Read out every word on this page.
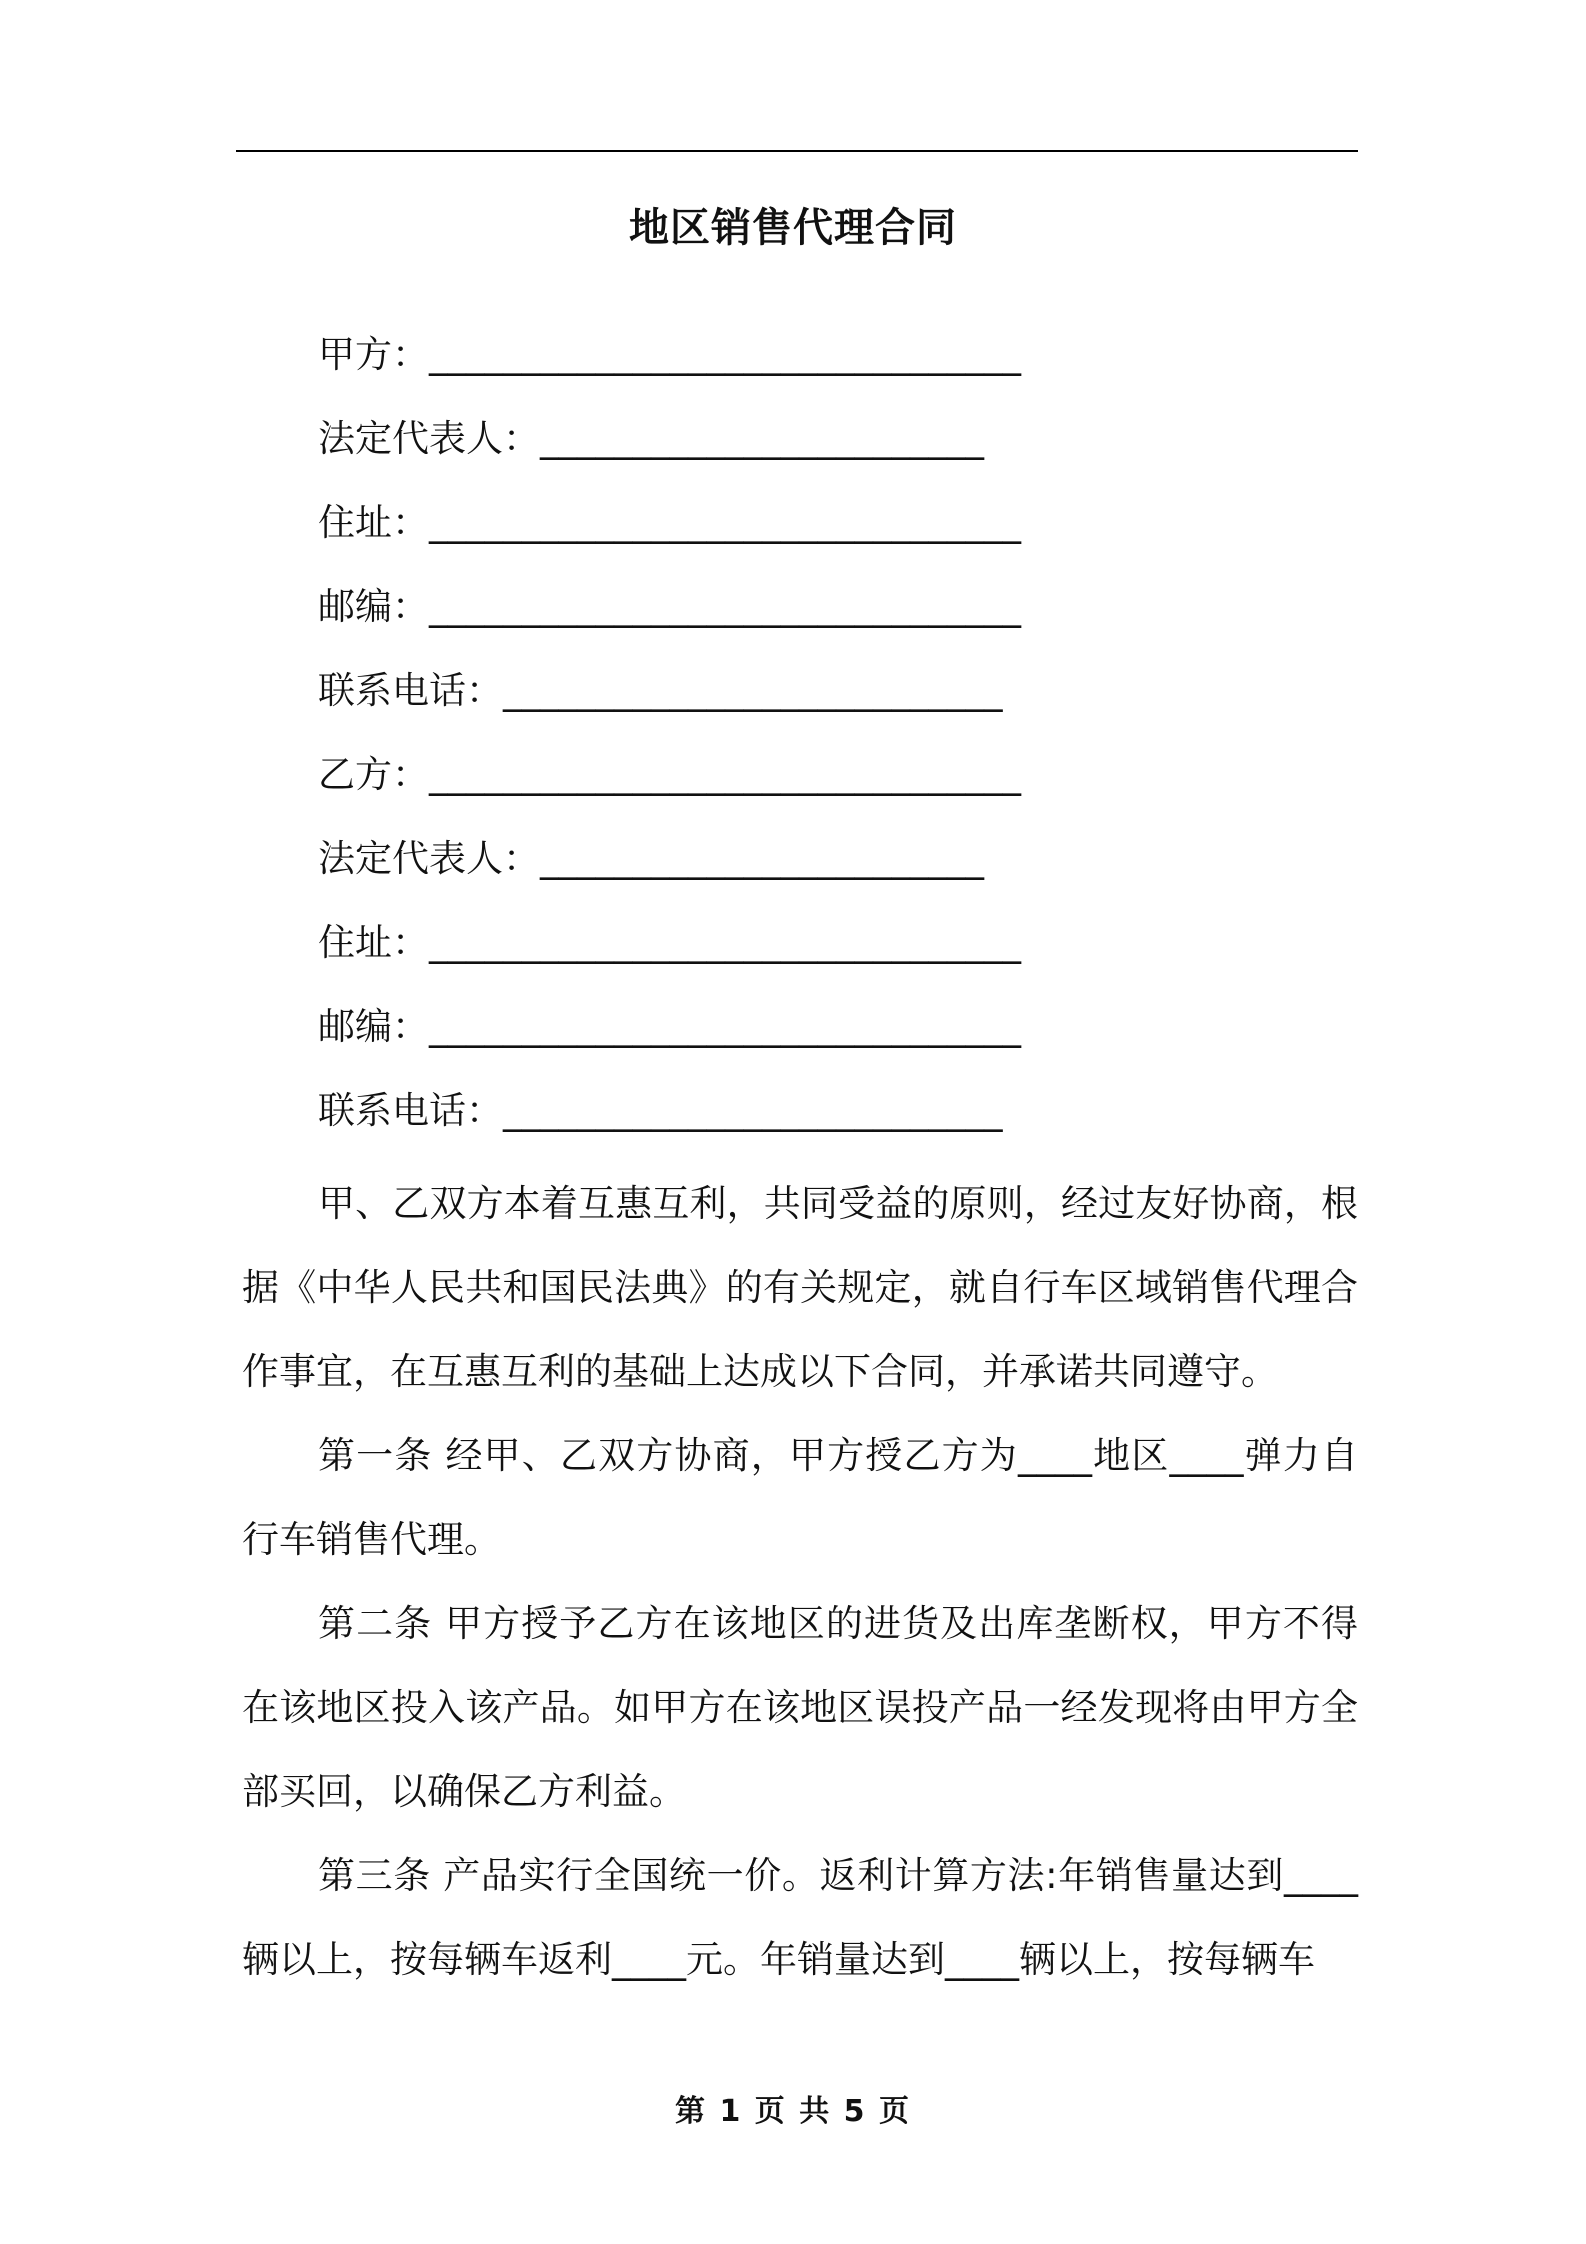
地区销售代理合同
甲方：________________________________
法定代表人：________________________
住址：________________________________
邮编：________________________________
联系电话：___________________________
乙方：________________________________
法定代表人：________________________
住址：________________________________
邮编：________________________________
联系电话：___________________________

甲、乙双方本着互惠互利，共同受益的原则，经过友好协商，根据《中华人民共和国民法典》的有关规定，就自行车区域销售代理合作事宜，在互惠互利的基础上达成以下合同，并承诺共同遵守。

第一条 经甲、乙双方协商，甲方授乙方为____地区____弹力自行车销售代理。

第二条 甲方授予乙方在该地区的进货及出库垄断权，甲方不得在该地区投入该产品。如甲方在该地区误投产品一经发现将由甲方全部买回，以确保乙方利益。

第三条 产品实行全国统一价。返利计算方法:年销售量达到____辆以上，按每辆车返利____元。年销量达到____辆以上，按每辆车

第 1 页 共 5 页
